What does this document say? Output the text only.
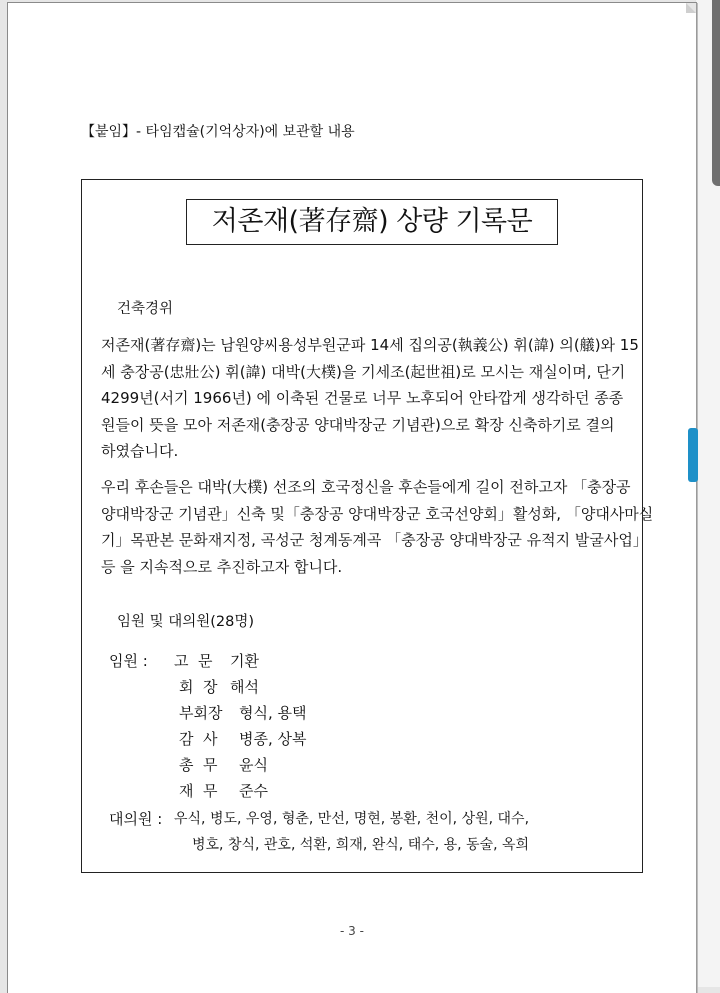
【붙임】- 타임캡슐(기억상자)에 보관할 내용
저존재(著存齋) 상량 기록문
건축경위
저존재(著存齋)는 남원양씨용성부원군파 14세 집의공(執義公) 휘(諱) 의(艤)와 15
세 충장공(忠壯公) 휘(諱) 대박(大樸)을 기세조(起世祖)로 모시는 재실이며, 단기
4299년(서기 1966년) 에 이축된 건물로 너무 노후되어 안타깝게 생각하던 종종
원들이 뜻을 모아 저존재(충장공 양대박장군 기념관)으로 확장 신축하기로 결의
하였습니다.
우리 후손들은 대박(大樸) 선조의 호국정신을 후손들에게 길이 전하고자 「충장공
양대박장군 기념관」신축 및「충장공 양대박장군 호국선양회」활성화, 「양대사마실
기」목판본 문화재지정, 곡성군 청계동계곡 「충장공 양대박장군 유적지 발굴사업」
등 을 지속적으로 추진하고자 합니다.
임원 및 대의원(28명)
임원 : 고  문 기환
회  장 해석
부회장 형식, 용택
감  사 병종, 상복
총  무 윤식
재  무 준수
대의원 : 우식, 병도, 우영, 형춘, 만선, 명현, 봉환, 천이, 상원, 대수,
병호, 창식, 관호, 석환, 희재, 완식, 태수, 용, 동술, 옥희
- 3 -
